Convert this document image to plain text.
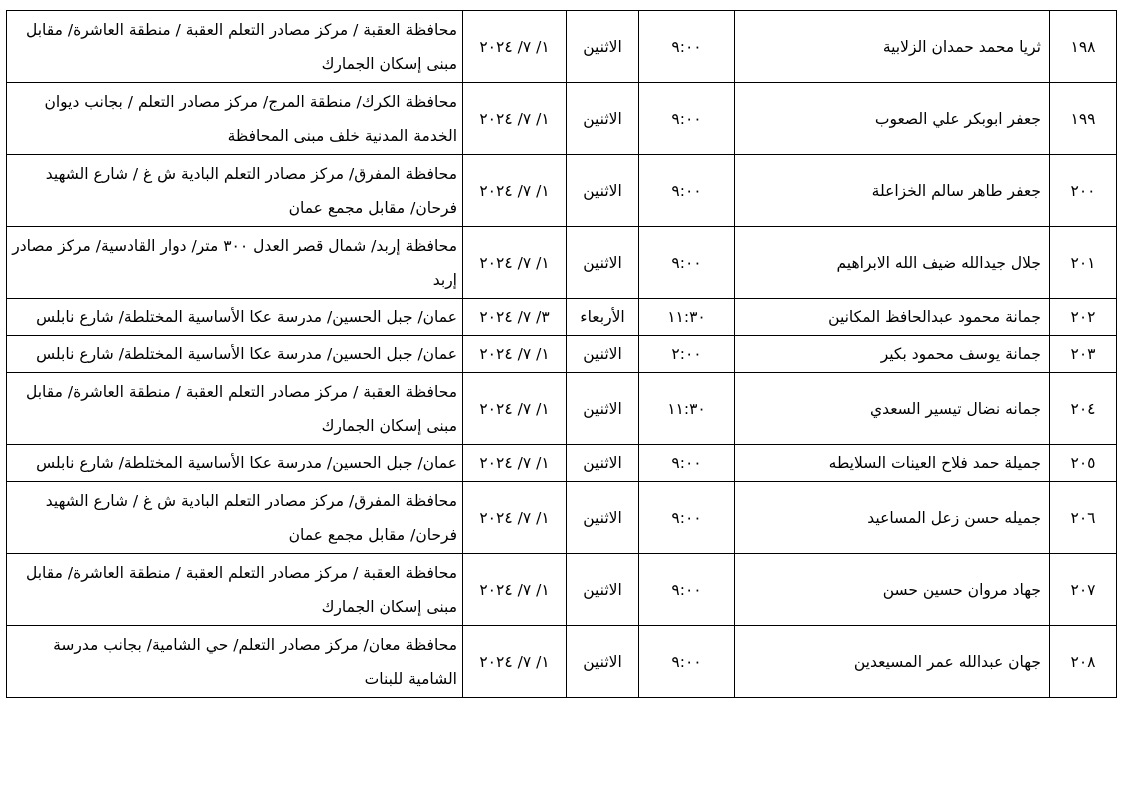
١٩٨	ثريا محمد حمدان الزلابية	٩:٠٠	الاثنين	١/ ٧/ ٢٠٢٤	محافظة العقبة / مركز مصادر التعلم العقبة / منطقة العاشرة/ مقابل مبنى إسكان الجمارك
١٩٩	جعفر ابوبكر علي الصعوب	٩:٠٠	الاثنين	١/ ٧/ ٢٠٢٤	محافظة الكرك/ منطقة المرج/ مركز مصادر التعلم / بجانب ديوان الخدمة المدنية خلف مبنى المحافظة
٢٠٠	جعفر طاهر سالم الخزاعلة	٩:٠٠	الاثنين	١/ ٧/ ٢٠٢٤	محافظة المفرق/ مركز مصادر التعلم البادية ش غ / شارع الشهيد فرحان/ مقابل مجمع عمان
٢٠١	جلال جيدالله ضيف الله الابراهيم	٩:٠٠	الاثنين	١/ ٧/ ٢٠٢٤	محافظة إربد/ شمال قصر العدل ٣٠٠ متر/ دوار القادسية/ مركز مصادر إربد
٢٠٢	جمانة محمود عبدالحافظ المكانين	١١:٣٠	الأربعاء	٣/ ٧/ ٢٠٢٤	عمان/ جبل الحسين/ مدرسة عكا الأساسية المختلطة/ شارع نابلس
٢٠٣	جمانة يوسف محمود بكير	٢:٠٠	الاثنين	١/ ٧/ ٢٠٢٤	عمان/ جبل الحسين/ مدرسة عكا الأساسية المختلطة/ شارع نابلس
٢٠٤	جمانه نضال تيسير السعدي	١١:٣٠	الاثنين	١/ ٧/ ٢٠٢٤	محافظة العقبة / مركز مصادر التعلم العقبة / منطقة العاشرة/ مقابل مبنى إسكان الجمارك
٢٠٥	جميلة حمد فلاح العينات السلايطه	٩:٠٠	الاثنين	١/ ٧/ ٢٠٢٤	عمان/ جبل الحسين/ مدرسة عكا الأساسية المختلطة/ شارع نابلس
٢٠٦	جميله حسن زعل المساعيد	٩:٠٠	الاثنين	١/ ٧/ ٢٠٢٤	محافظة المفرق/ مركز مصادر التعلم البادية ش غ / شارع الشهيد فرحان/ مقابل مجمع عمان
٢٠٧	جهاد مروان حسين حسن	٩:٠٠	الاثنين	١/ ٧/ ٢٠٢٤	محافظة العقبة / مركز مصادر التعلم العقبة / منطقة العاشرة/ مقابل مبنى إسكان الجمارك
٢٠٨	جهان عبدالله عمر المسيعدين	٩:٠٠	الاثنين	١/ ٧/ ٢٠٢٤	محافظة معان/ مركز مصادر التعلم/ حي الشامية/ بجانب مدرسة الشامية للبنات
